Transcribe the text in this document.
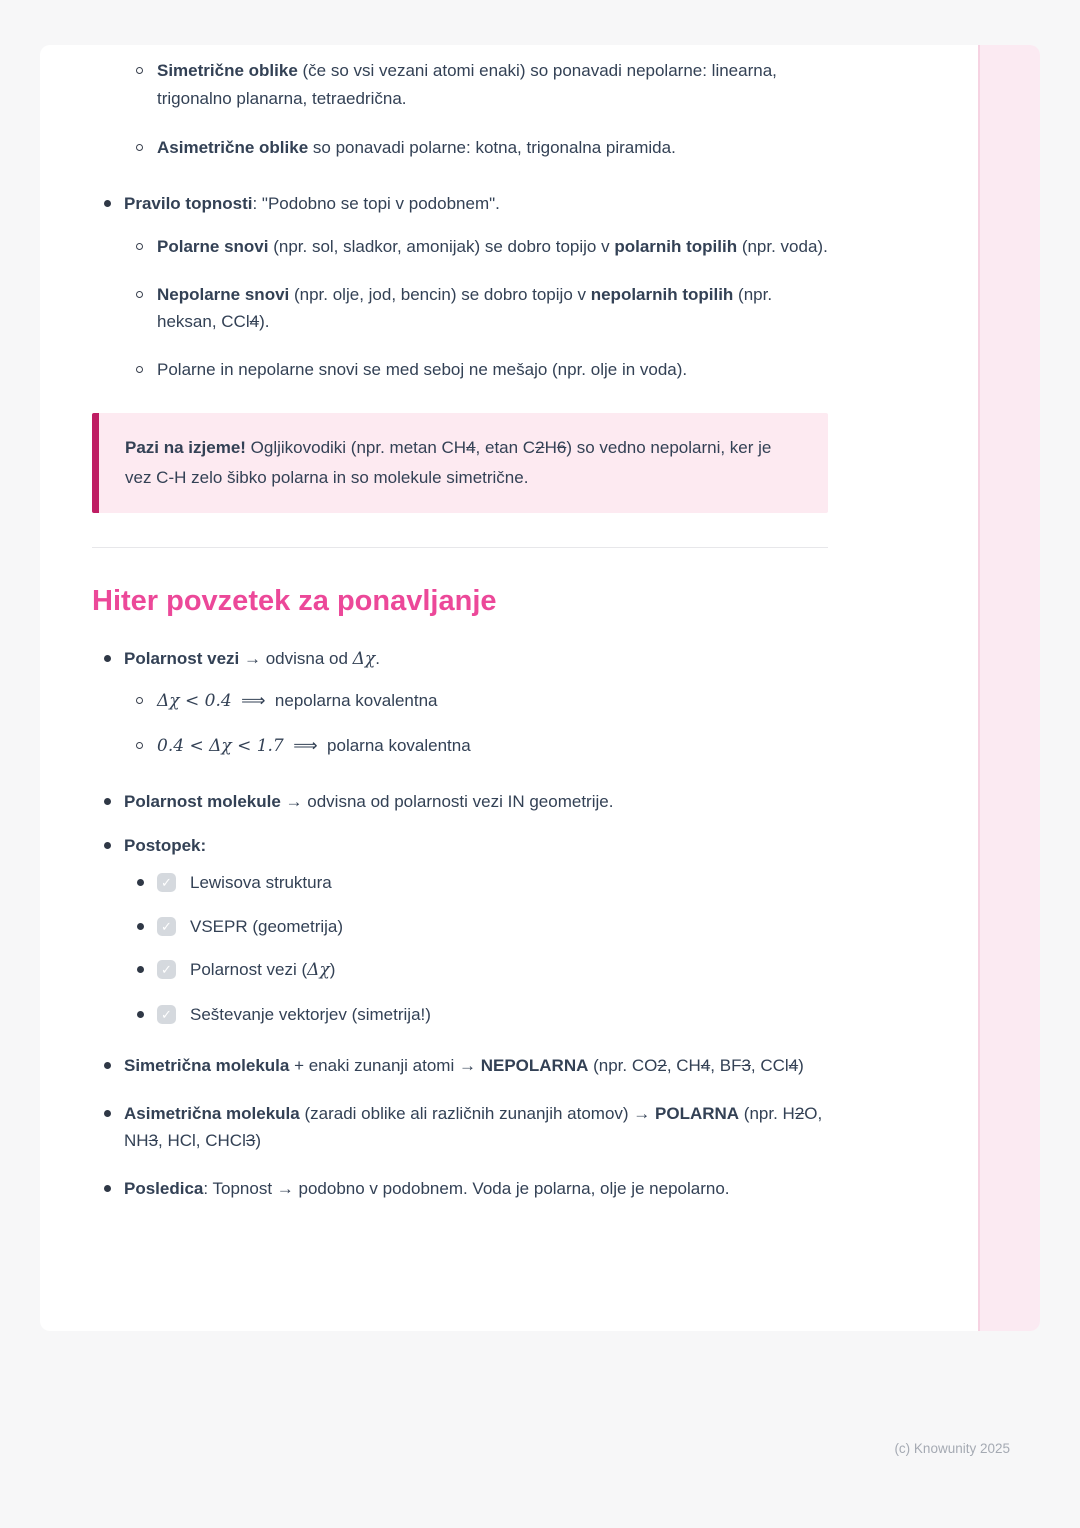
Simetrične oblike (če so vsi vezani atomi enaki) so ponavadi nepolarne: linearna, trigonalno planarna, tetraedrična.
Asimetrične oblike so ponavadi polarne: kotna, trigonalna piramida.
Pravilo topnosti: "Podobno se topi v podobnem".
Polarne snovi (npr. sol, sladkor, amonijak) se dobro topijo v polarnih topilih (npr. voda).
Nepolarne snovi (npr. olje, jod, bencin) se dobro topijo v nepolarnih topilih (npr. heksan, CCl4).
Polarne in nepolarne snovi se med seboj ne mešajo (npr. olje in voda).
Pazi na izjeme! Ogljikovodiki (npr. metan CH4, etan C2H6) so vedno nepolarni, ker je vez C-H zelo šibko polarna in so molekule simetrične.
Hiter povzetek za ponavljanje
Polarnost vezi → odvisna od Δχ.
Δχ < 0.4  ⟹  nepolarna kovalentna
0.4 < Δχ < 1.7  ⟹  polarna kovalentna
Polarnost molekule → odvisna od polarnosti vezi IN geometrije.
Postopek:
✓ Lewisova struktura
✓ VSEPR (geometrija)
✓ Polarnost vezi (Δχ)
✓ Seštevanje vektorjev (simetrija!)
Simetrična molekula + enaki zunanji atomi → NEPOLARNA (npr. CO2, CH4, BF3, CCl4)
Asimetrična molekula (zaradi oblike ali različnih zunanjih atomov) → POLARNA (npr. H2O, NH3, HCl, CHCl3)
Posledica: Topnost → podobno v podobnem. Voda je polarna, olje je nepolarno.
(c) Knowunity 2025
